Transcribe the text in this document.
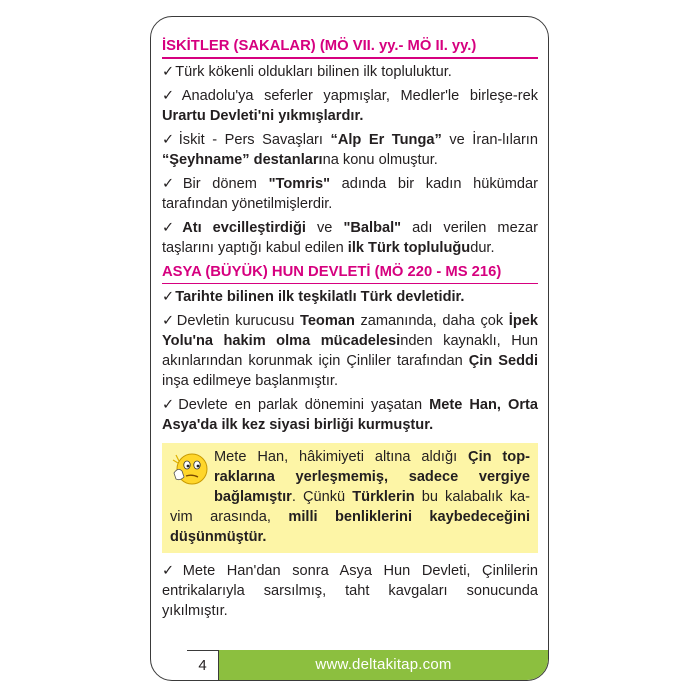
İSKİTLER (SAKALAR) (MÖ VII. yy.- MÖ II. yy.)
✓Türk kökenli oldukları bilinen ilk topluluktur.
✓Anadolu'ya seferler yapmışlar, Medler'le birleşe-rek Urartu Devleti'ni yıkmışlardır.
✓İskit - Pers Savaşları “Alp Er Tunga” ve İran-lıların “Şeyhname” destanlarına konu olmuştur.
✓Bir dönem "Tomris" adında bir kadın hükümdar tarafından yönetilmişlerdir.
✓Atı evcilleştirdiği ve "Balbal" adı verilen mezar taşlarını yaptığı kabul edilen ilk Türk topluluğudur.
ASYA (BÜYÜK) HUN DEVLETİ (MÖ 220 - MS 216)
✓Tarihte bilinen ilk teşkilatlı Türk devletidir.
✓Devletin kurucusu Teoman zamanında, daha çok İpek Yolu'na hakim olma mücadelesinden kaynaklı, Hun akınlarından korunmak için Çinliler tarafından Çin Seddi inşa edilmeye başlanmıştır.
✓Devlete en parlak dönemini yaşatan Mete Han, Orta Asya'da ilk kez siyasi birliği kurmuştur.
Mete Han, hâkimiyeti altına aldığı Çin top-raklarına yerleşmemiş, sadece vergiye bağlamıştır. Çünkü Türklerin bu kalabalık ka-vim arasında, milli benliklerini kaybedeceğini düşünmüştür.
✓Mete Han'dan sonra Asya Hun Devleti, Çinlilerin entrikalarıyla sarsılmış, taht kavgaları sonucunda yıkılmıştır.
4	www.deltakitap.com
